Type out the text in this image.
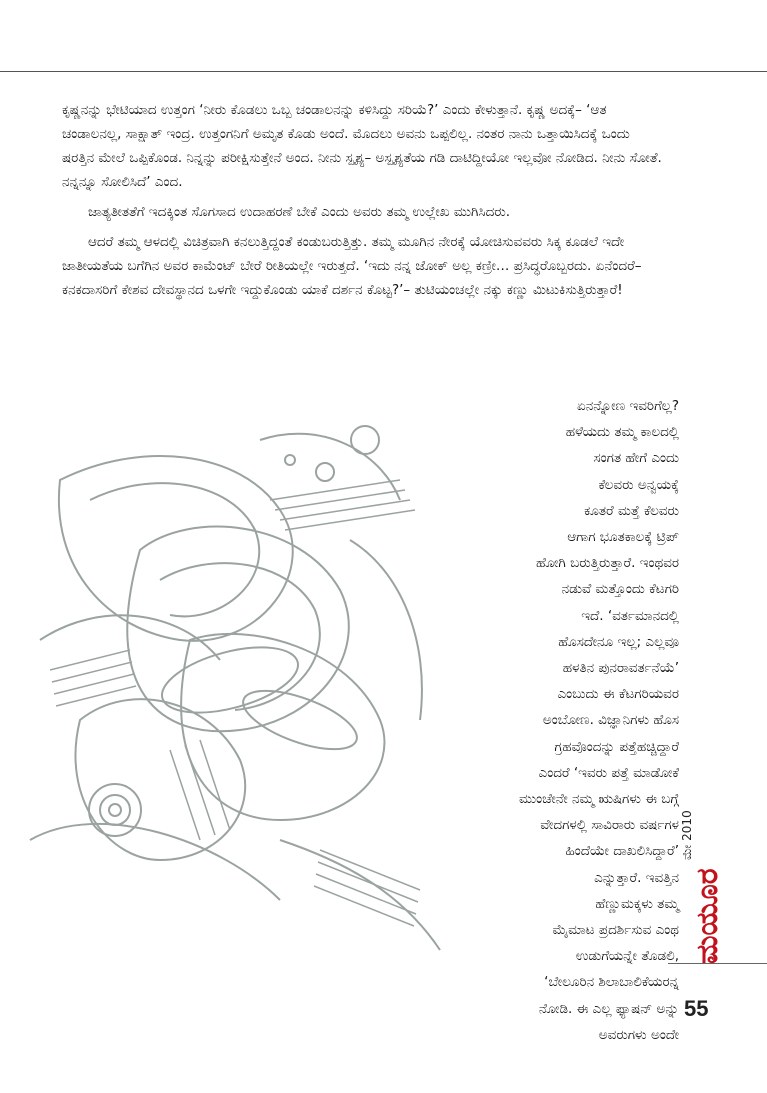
ಕೃಷ್ಣನನ್ನು ಭೇಟಿಯಾದ ಉತ್ತಂಗ ‘ನೀರು ಕೊಡಲು ಒಬ್ಬ ಚಂಡಾಲನನ್ನು ಕಳಿಸಿದ್ದು ಸರಿಯೆ?’ ಎಂದು ಕೇಳುತ್ತಾನೆ. ಕೃಷ್ಣ ಅದಕ್ಕೆ– ‘ಆತ ಚಂಡಾಲನಲ್ಲ, ಸಾಕ್ಷಾತ್ ಇಂದ್ರ. ಉತ್ತಂಗನಿಗೆ ಅಮೃತ ಕೊಡು ಅಂದೆ. ಮೊದಲು ಅವನು ಒಪ್ಪಲಿಲ್ಲ. ನಂತರ ನಾನು ಒತ್ತಾಯಿಸಿದಕ್ಕೆ ಒಂದು ಷರತ್ತಿನ ಮೇಲೆ ಒಪ್ಪಿಕೊಂಡ. ನಿನ್ನನ್ನು ಪರೀಕ್ಷಿಸುತ್ತೇನೆ ಅಂದ. ನೀನು ಸ್ಪೃಶ್ಯ– ಅಸ್ಪೃಶ್ಯತೆಯ ಗಡಿ ದಾಟಿದ್ದೀಯೋ ಇಲ್ಲವೋ ನೋಡಿದ. ನೀನು ಸೋತೆ. ನನ್ನನ್ನೂ ಸೋಲಿಸಿದೆ’ ಎಂದ.

ಜಾತ್ಯತೀತತೆಗೆ ಇದಕ್ಕಿಂತ ಸೊಗಸಾದ ಉದಾಹರಣೆ ಬೇಕೆ ಎಂದು ಅವರು ತಮ್ಮ ಉಲ್ಲೇಖ ಮುಗಿಸಿದರು.

ಆದರೆ ತಮ್ಮ ಆಳದಲ್ಲಿ ವಿಚಿತ್ರವಾಗಿ ಕನಲುತ್ತಿದ್ದಂತೆ ಕಂಡುಬರುತ್ತಿತ್ತು. ತಮ್ಮ ಮೂಗಿನ ನೇರಕ್ಕೆ ಯೋಚಿಸುವವರು ಸಿಕ್ಕ ಕೂಡಲೆ ಇದೇ ಜಾತೀಯತೆಯ ಬಗೆಗಿನ ಅವರ ಕಾಮೆಂಟ್ ಬೇರೆ ರೀತಿಯಲ್ಲೇ ಇರುತ್ತದೆ. ‘ಇದು ನನ್ನ ಜೋಕ್ ಅಲ್ಲ ಕಣ್ರೀ… ಪ್ರಸಿದ್ಧರೊಬ್ಬರದು. ಏನೆಂದರೆ– ಕನಕದಾಸರಿಗೆ ಕೇಶವ ದೇವಸ್ಥಾನದ ಒಳಗೇ ಇದ್ದುಕೊಂಡು ಯಾಕೆ ದರ್ಶನ ಕೊಟ್ಟ?’– ತುಟಿಯಂಚಲ್ಲೇ ನಕ್ಕು ಕಣ್ಣು ಮಿಟುಕಿಸುತ್ತಿರುತ್ತಾರೆ!

ಏನನ್ನೋಣ ಇವರಿಗೆಲ್ಲ?
ಹಳೆಯದು ತಮ್ಮ ಕಾಲದಲ್ಲಿ
ಸಂಗತ ಹೇಗೆ ಎಂದು
ಕೆಲವರು ಅನ್ವಯಕ್ಕೆ
ಕೂತರೆ ಮತ್ತೆ ಕೆಲವರು
ಆಗಾಗ ಭೂತಕಾಲಕ್ಕೆ ಟ್ರಿಪ್
ಹೋಗಿ ಬರುತ್ತಿರುತ್ತಾರೆ. ಇಂಥವರ
ನಡುವೆ ಮತ್ತೊಂದು ಕೆಟಗರಿ
ಇದೆ. ‘ವರ್ತಮಾನದಲ್ಲಿ
ಹೊಸದೇನೂ ಇಲ್ಲ; ಎಲ್ಲವೂ
ಹಳತಿನ ಪುನರಾವರ್ತನೆಯೆ’
ಎಂಬುದು ಈ ಕೆಟಗರಿಯವರ
ಅಂಬೋಣ. ವಿಜ್ಞಾನಿಗಳು ಹೊಸ
ಗ್ರಹವೊಂದನ್ನು ಪತ್ತೆಹಚ್ಚಿದ್ದಾರೆ
ಎಂದರೆ ‘ಇವರು ಪತ್ತೆ ಮಾಡೋಕೆ
ಮುಂಚೇನೇ ನಮ್ಮ ಋಷಿಗಳು ಈ ಬಗ್ಗೆ
ವೇದಗಳಲ್ಲಿ ಸಾವಿರಾರು ವರ್ಷಗಳ
ಹಿಂದೆಯೇ ದಾಖಲಿಸಿದ್ದಾರೆ’
ಎನ್ನುತ್ತಾರೆ. ಇವತ್ತಿನ
ಹೆಣ್ಣುಮಕ್ಕಳು ತಮ್ಮ
ಮೈಮಾಟ ಪ್ರದರ್ಶಿಸುವ ಎಂಥ
ಉಡುಗೆಯನ್ನೇ ತೊಡಲಿ,
‘ಬೇಲೂರಿನ ಶಿಲಾಬಾಲಿಕೆಯರನ್ನ
ನೋಡಿ. ಈ ಎಲ್ಲ ಫ್ಯಾಷನ್ ಅನ್ನು
ಅವರುಗಳು ಅಂದೇ
ಮೇ 2010
ಮಯೂರ
55
